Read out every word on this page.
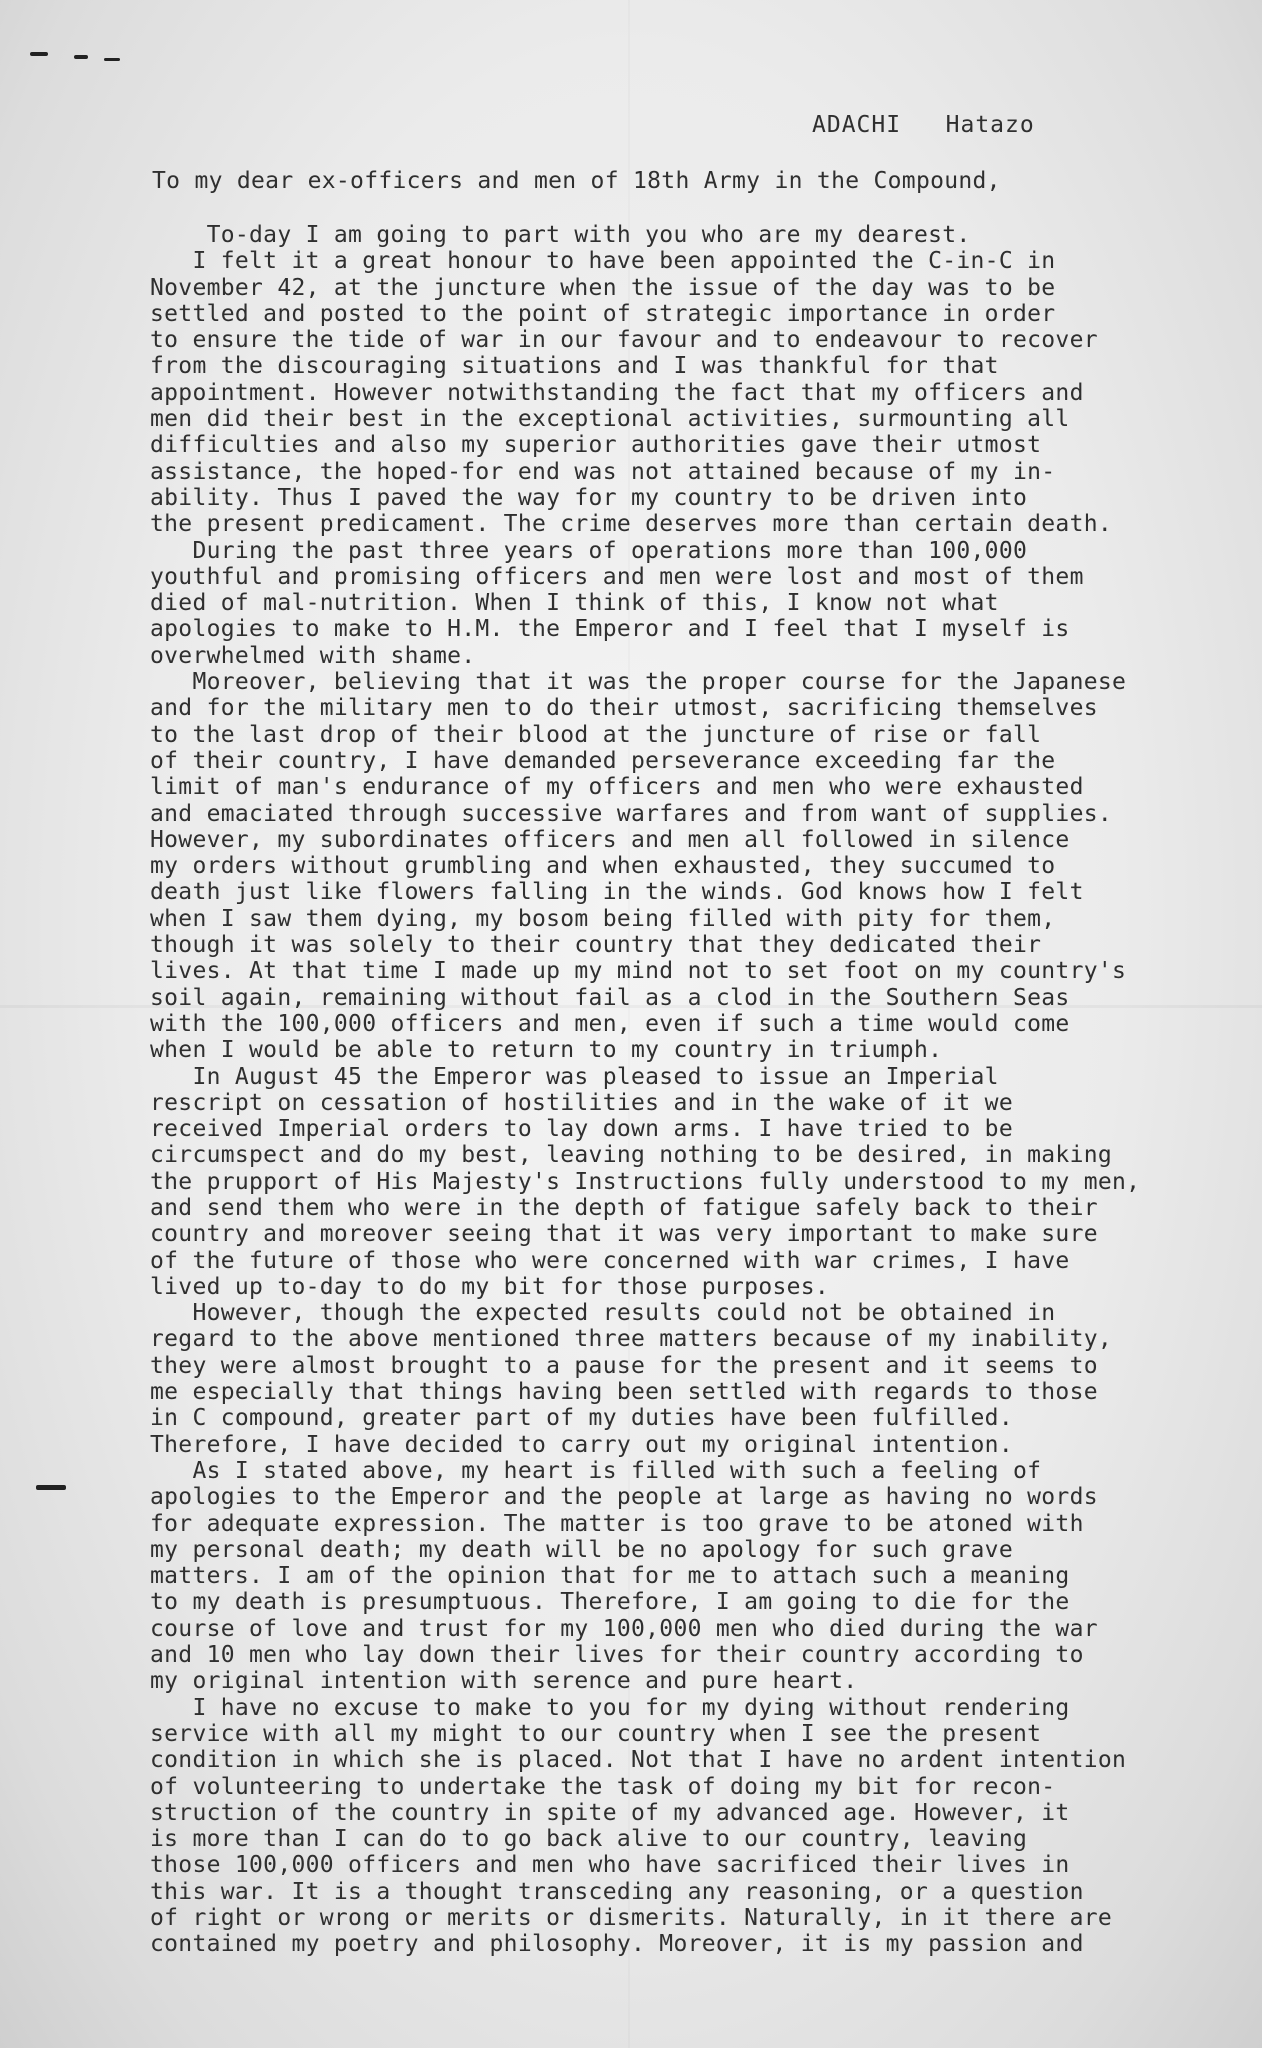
ADACHI   Hatazo
To my dear ex-officers and men of 18th Army in the Compound,
To-day I am going to part with you who are my dearest.
I felt it a great honour to have been appointed the C-in-C in
November 42, at the juncture when the issue of the day was to be
settled and posted to the point of strategic importance in order
to ensure the tide of war in our favour and to endeavour to recover
from the discouraging situations and I was thankful for that
appointment. However notwithstanding the fact that my officers and
men did their best in the exceptional activities, surmounting all
difficulties and also my superior authorities gave their utmost
assistance, the hoped-for end was not attained because of my in-
ability. Thus I paved the way for my country to be driven into
the present predicament. The crime deserves more than certain death.
During the past three years of operations more than 100,000
youthful and promising officers and men were lost and most of them
died of mal-nutrition. When I think of this, I know not what
apologies to make to H.M. the Emperor and I feel that I myself is
overwhelmed with shame.
Moreover, believing that it was the proper course for the Japanese
and for the military men to do their utmost, sacrificing themselves
to the last drop of their blood at the juncture of rise or fall
of their country, I have demanded perseverance exceeding far the
limit of man's endurance of my officers and men who were exhausted
and emaciated through successive warfares and from want of supplies.
However, my subordinates officers and men all followed in silence
my orders without grumbling and when exhausted, they succumed to
death just like flowers falling in the winds. God knows how I felt
when I saw them dying, my bosom being filled with pity for them,
though it was solely to their country that they dedicated their
lives. At that time I made up my mind not to set foot on my country's
soil again, remaining without fail as a clod in the Southern Seas
with the 100,000 officers and men, even if such a time would come
when I would be able to return to my country in triumph.
In August 45 the Emperor was pleased to issue an Imperial
rescript on cessation of hostilities and in the wake of it we
received Imperial orders to lay down arms. I have tried to be
circumspect and do my best, leaving nothing to be desired, in making
the prupport of His Majesty's Instructions fully understood to my men,
and send them who were in the depth of fatigue safely back to their
country and moreover seeing that it was very important to make sure
of the future of those who were concerned with war crimes, I have
lived up to-day to do my bit for those purposes.
However, though the expected results could not be obtained in
regard to the above mentioned three matters because of my inability,
they were almost brought to a pause for the present and it seems to
me especially that things having been settled with regards to those
in C compound, greater part of my duties have been fulfilled.
Therefore, I have decided to carry out my original intention.
As I stated above, my heart is filled with such a feeling of
apologies to the Emperor and the people at large as having no words
for adequate expression. The matter is too grave to be atoned with
my personal death; my death will be no apology for such grave
matters. I am of the opinion that for me to attach such a meaning
to my death is presumptuous. Therefore, I am going to die for the
course of love and trust for my 100,000 men who died during the war
and 10 men who lay down their lives for their country according to
my original intention with serence and pure heart.
I have no excuse to make to you for my dying without rendering
service with all my might to our country when I see the present
condition in which she is placed. Not that I have no ardent intention
of volunteering to undertake the task of doing my bit for recon-
struction of the country in spite of my advanced age. However, it
is more than I can do to go back alive to our country, leaving
those 100,000 officers and men who have sacrificed their lives in
this war. It is a thought transceding any reasoning, or a question
of right or wrong or merits or dismerits. Naturally, in it there are
contained my poetry and philosophy. Moreover, it is my passion and
